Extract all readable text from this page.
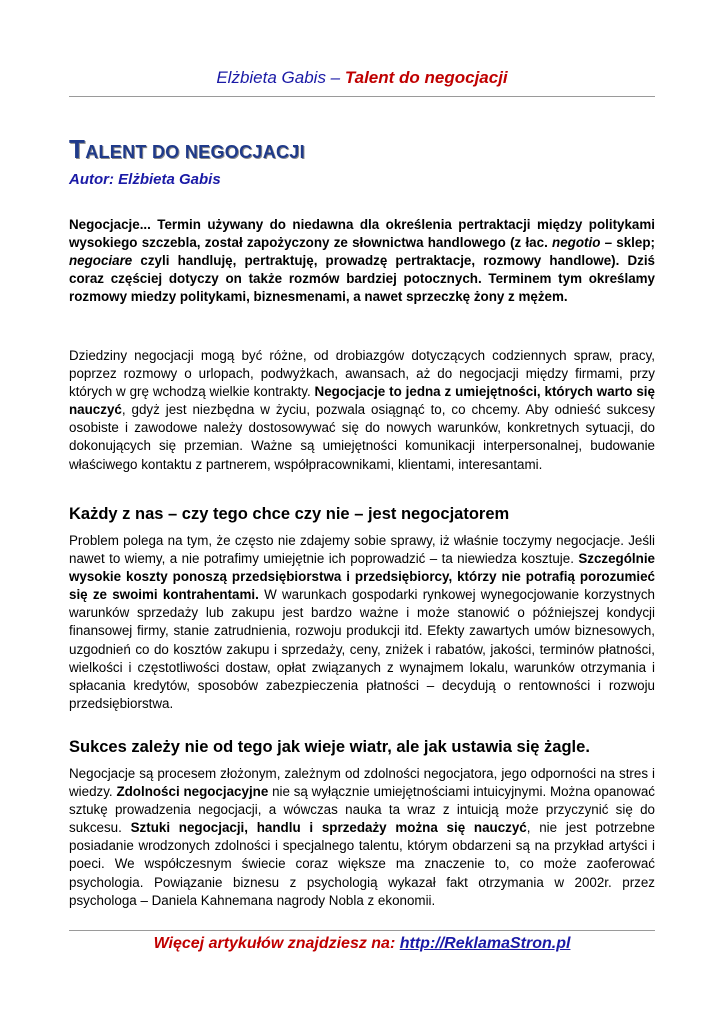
Elżbieta Gabis – Talent do negocjacji
TALENT DO NEGOCJACJI
Autor: Elżbieta Gabis
Negocjacje... Termin używany do niedawna dla określenia pertraktacji między politykami wysokiego szczebla, został zapożyczony ze słownictwa handlowego (z łac. negotio – sklep; negociare czyli handluję, pertraktuję, prowadzę pertraktacje, rozmowy handlowe). Dziś coraz częściej dotyczy on także rozmów bardziej potocznych. Terminem tym określamy rozmowy miedzy politykami, biznesmenami, a nawet sprzeczkę żony z mężem.
Dziedziny negocjacji mogą być różne, od drobiazgów dotyczących codziennych spraw, pracy, poprzez rozmowy o urlopach, podwyżkach, awansach, aż do negocjacji między firmami, przy których w grę wchodzą wielkie kontrakty. Negocjacje to jedna z umiejętności, których warto się nauczyć, gdyż jest niezbędna w życiu, pozwala osiągnąć to, co chcemy. Aby odnieść sukcesy osobiste i zawodowe należy dostosowywać się do nowych warunków, konkretnych sytuacji, do dokonujących się przemian. Ważne są umiejętności komunikacji interpersonalnej, budowanie właściwego kontaktu z partnerem, współpracownikami, klientami, interesantami.
Każdy z nas – czy tego chce czy nie – jest negocjatorem
Problem polega na tym, że często nie zdajemy sobie sprawy, iż właśnie toczymy negocjacje. Jeśli nawet to wiemy, a nie potrafimy umiejętnie ich poprowadzić – ta niewiedza kosztuje. Szczególnie wysokie koszty ponoszą przedsiębiorstwa i przedsiębiorcy, którzy nie potrafią porozumieć się ze swoimi kontrahentami. W warunkach gospodarki rynkowej wynegocjowanie korzystnych warunków sprzedaży lub zakupu jest bardzo ważne i może stanowić o późniejszej kondycji finansowej firmy, stanie zatrudnienia, rozwoju produkcji itd. Efekty zawartych umów biznesowych, uzgodnień co do kosztów zakupu i sprzedaży, ceny, zniżek i rabatów, jakości, terminów płatności, wielkości i częstotliwości dostaw, opłat związanych z wynajmem lokalu, warunków otrzymania i spłacania kredytów, sposobów zabezpieczenia płatności – decydują o rentowności i rozwoju przedsiębiorstwa.
Sukces zależy nie od tego jak wieje wiatr, ale jak ustawia się żagle.
Negocjacje są procesem złożonym, zależnym od zdolności negocjatora, jego odporności na stres i wiedzy. Zdolności negocjacyjne nie są wyłącznie umiejętnościami intuicyjnymi. Można opanować sztukę prowadzenia negocjacji, a wówczas nauka ta wraz z intuicją może przyczynić się do sukcesu. Sztuki negocjacji, handlu i sprzedaży można się nauczyć, nie jest potrzebne posiadanie wrodzonych zdolności i specjalnego talentu, którym obdarzeni są na przykład artyści i poeci. We współczesnym świecie coraz większe ma znaczenie to, co może zaoferować psychologia. Powiązanie biznesu z psychologią wykazał fakt otrzymania w 2002r. przez psychologa – Daniela Kahnemana nagrody Nobla z ekonomii.
Więcej artykułów znajdziesz na: http://ReklamaStron.pl
